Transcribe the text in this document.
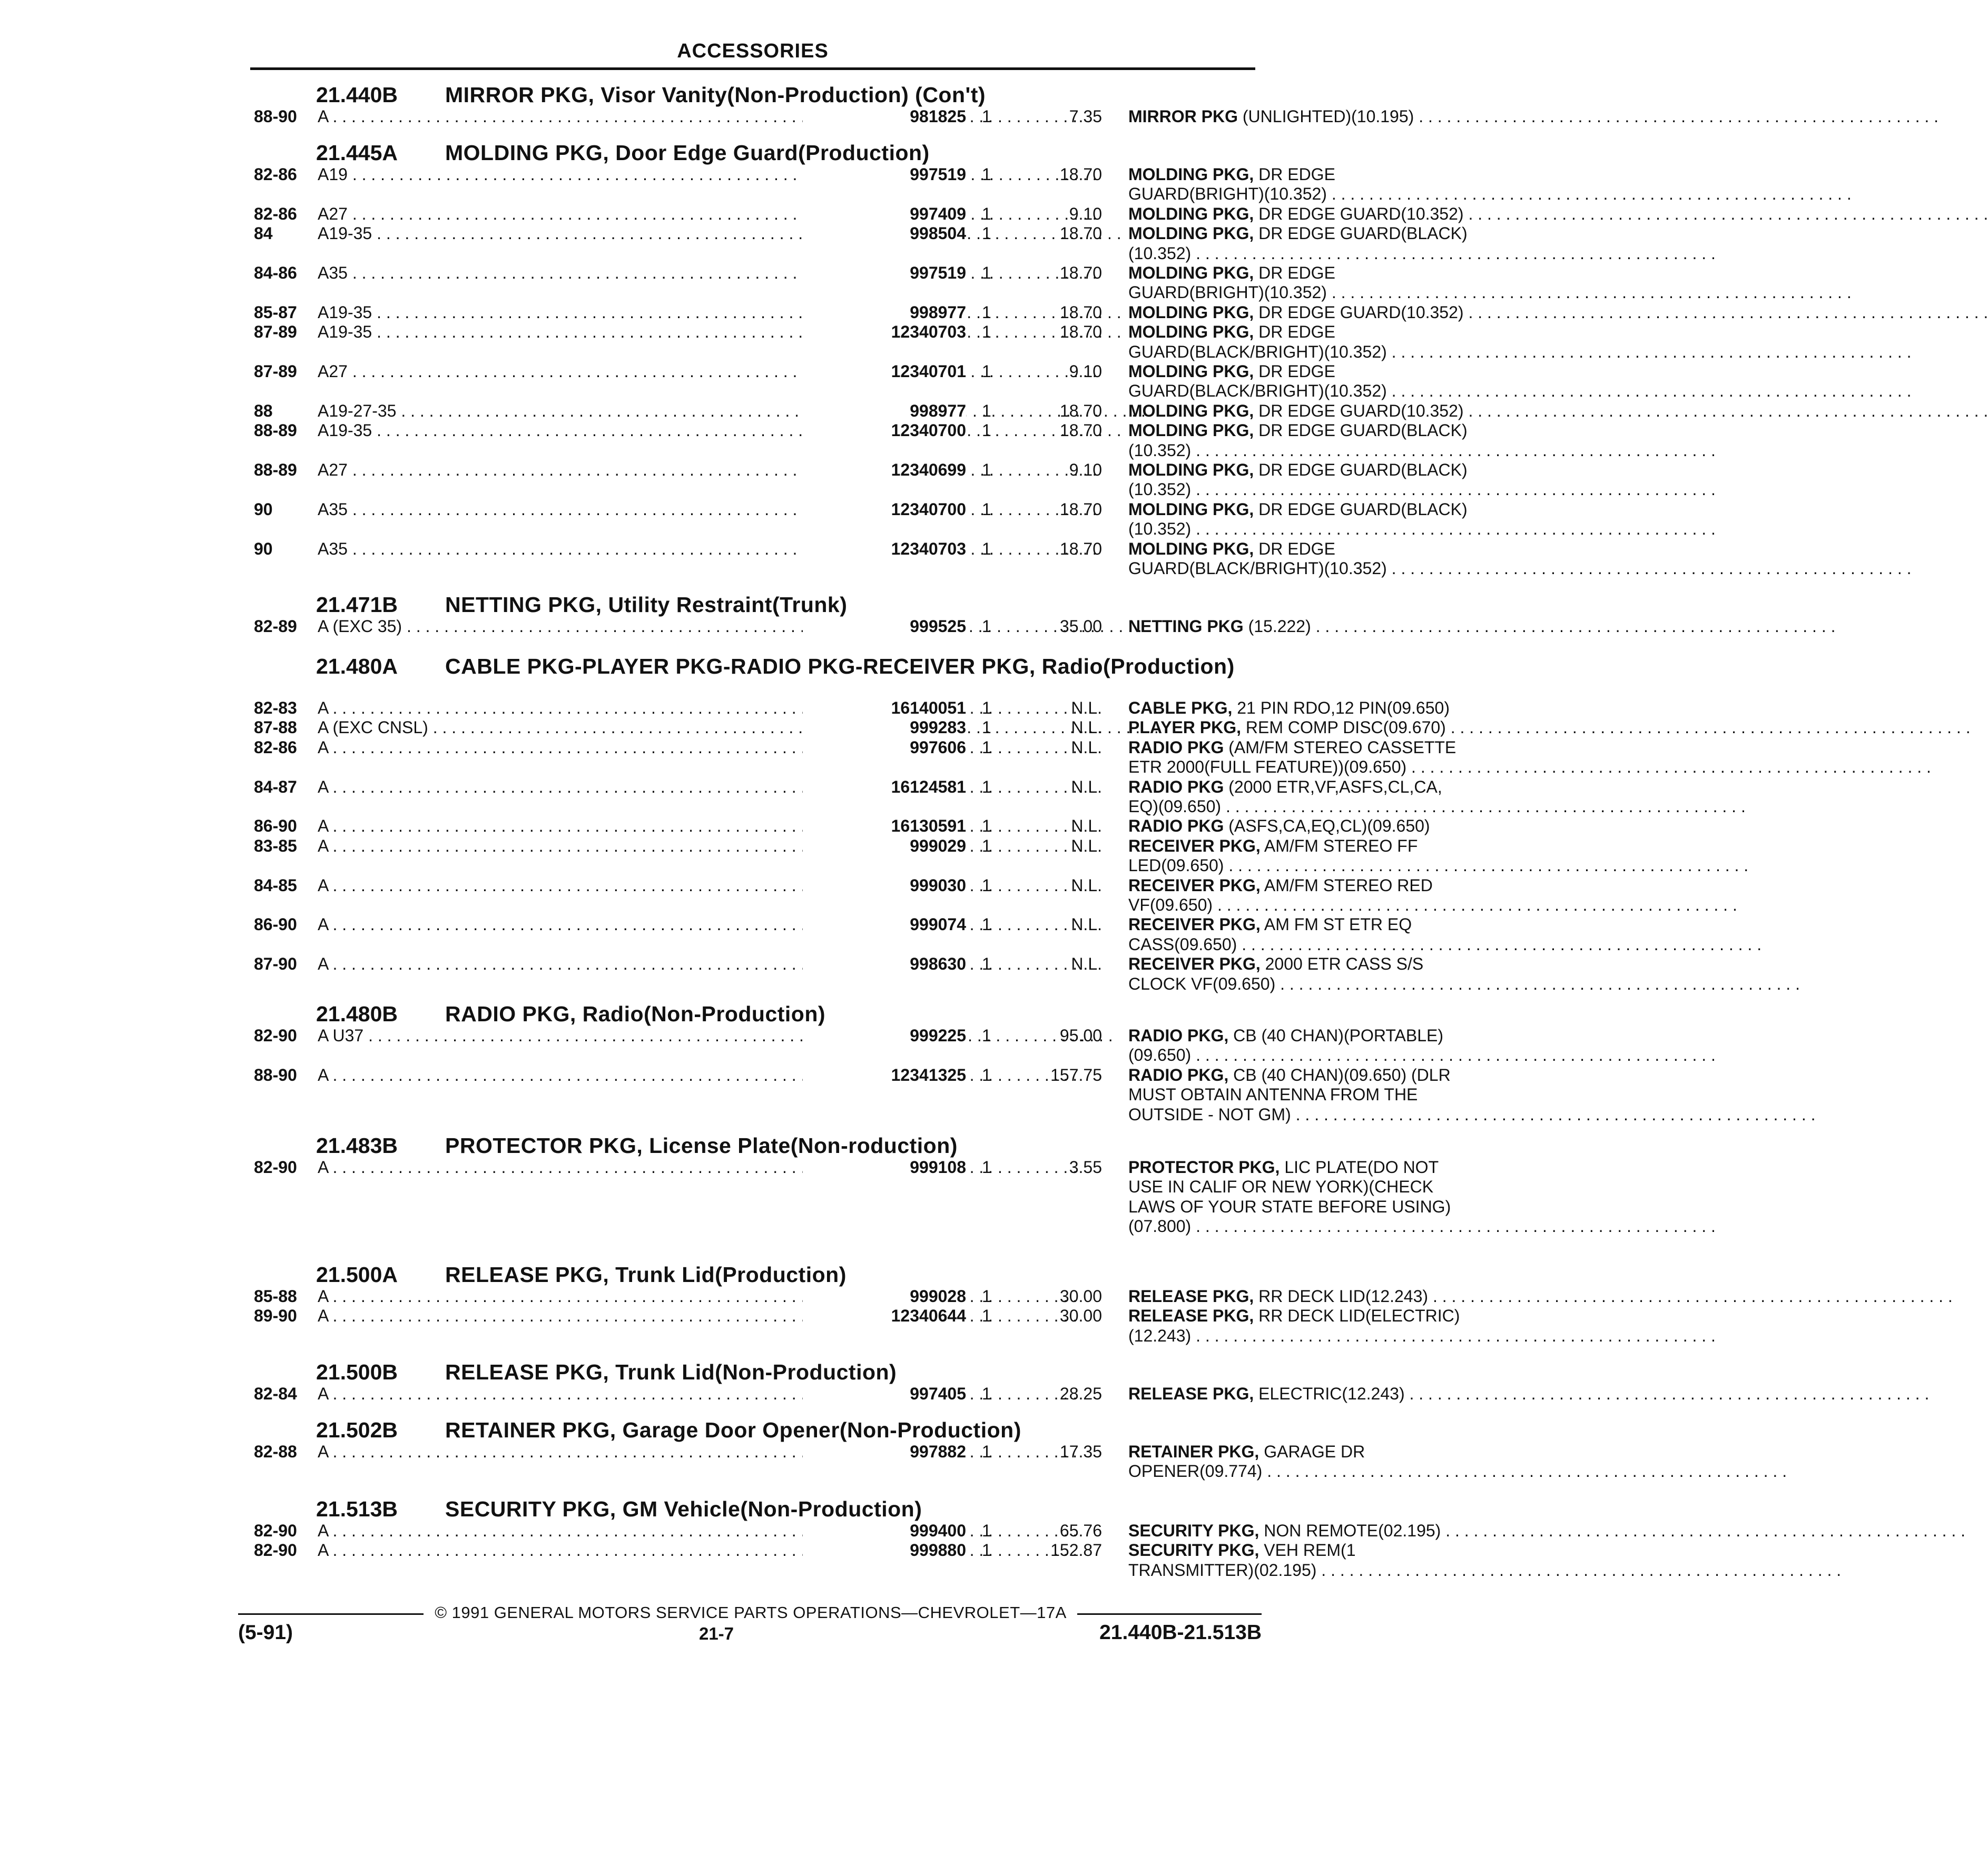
ACCESSORIES
21.440B MIRROR PKG, Visor Vanity(Non-Production) (Con't)
88-90 A . . .	981825 1	7.35 MIRROR PKG (UNLIGHTED)(10.195) . . .
21.445A MOLDING PKG, Door Edge Guard(Production)
82-86 A19 . . .	997519 1	18.70 MOLDING PKG, DR EDGE
GUARD(BRIGHT)(10.352) . . .
82-86 A27 . . .	997409 1	9.10 MOLDING PKG, DR EDGE GUARD(10.352) . . .
84	A19-35 . . .	998504 1	18.70 MOLDING PKG, DR EDGE GUARD(BLACK)
(10.352) . . .
84-86 A35 . . .	997519 1	18.70 MOLDING PKG, DR EDGE
GUARD(BRIGHT)(10.352) . . .
85-87 A19-35 . . .	998977 1	18.70 MOLDING PKG, DR EDGE GUARD(10.352) . . .
87-89 A19-35 . . .	12340703 1	18.70 MOLDING PKG, DR EDGE
GUARD(BLACK/BRIGHT)(10.352) . . .
87-89 A27 . . .	12340701 1	9.10 MOLDING PKG, DR EDGE
GUARD(BLACK/BRIGHT)(10.352) . . .
88	A19-27-35 . . .	998977 1	18.70 MOLDING PKG, DR EDGE GUARD(10.352) . . .
88-89 A19-35 . . .	12340700 1	18.70 MOLDING PKG, DR EDGE GUARD(BLACK)
(10.352) . . .
88-89 A27 . . .	12340699 1	9.10 MOLDING PKG, DR EDGE GUARD(BLACK)
(10.352) . . .
90	A35 . . .	12340700 1	18.70 MOLDING PKG, DR EDGE GUARD(BLACK)
(10.352) . . .
90	A35 . . .	12340703 1	18.70 MOLDING PKG, DR EDGE
GUARD(BLACK/BRIGHT)(10.352) . . .
21.471B NETTING PKG, Utility Restraint(Trunk)
82-89 A (EXC 35) . . .	999525 1	35.00 NETTING PKG (15.222) . . .
21.480A CABLE PKG-PLAYER PKG-RADIO PKG-RECEIVER PKG, Radio(Production)
82-83 A . . .	16140051 1	N.L. CABLE PKG, 21 PIN RDO,12 PIN(09.650)
87-88 A (EXC CNSL) . . .	999283 1	N.L. PLAYER PKG, REM COMP DISC(09.670) . . .
82-86 A . . .	997606 1	N.L. RADIO PKG (AM/FM STEREO CASSETTE
ETR 2000(FULL FEATURE))(09.650) . . .
84-87 A . . .	16124581 1	N.L. RADIO PKG (2000 ETR,VF,ASFS,CL,CA,
EQ)(09.650) . . .
86-90 A . . .	16130591 1	N.L. RADIO PKG (ASFS,CA,EQ,CL)(09.650)
83-85 A . . .	999029 1	N.L. RECEIVER PKG, AM/FM STEREO FF
LED(09.650) . . .
84-85 A . . .	999030 1	N.L. RECEIVER PKG, AM/FM STEREO RED
VF(09.650) . . .
86-90 A . . .	999074 1	N.L. RECEIVER PKG, AM FM ST ETR EQ
CASS(09.650) . . .
87-90 A . . .	998630 1	N.L. RECEIVER PKG, 2000 ETR CASS S/S
CLOCK VF(09.650) . . .
21.480B RADIO PKG, Radio(Non-Production)
82-90 A U37 . . .	999225 1	95.00 RADIO PKG, CB (40 CHAN)(PORTABLE)
(09.650) . . .
88-90 A . . .	12341325 1	157.75 RADIO PKG, CB (40 CHAN)(09.650) (DLR
MUST OBTAIN ANTENNA FROM THE
OUTSIDE - NOT GM) . . .
21.483B PROTECTOR PKG, License Plate(Non-roduction)
82-90 A . . .	999108 1	3.55 PROTECTOR PKG, LIC PLATE(DO NOT
USE IN CALIF OR NEW YORK)(CHECK
LAWS OF YOUR STATE BEFORE USING)
(07.800) . . .
21.500A RELEASE PKG, Trunk Lid(Production)
85-88 A . . .	999028 1	30.00 RELEASE PKG, RR DECK LID(12.243) . . .
89-90 A . . .	12340644 1	30.00 RELEASE PKG, RR DECK LID(ELECTRIC)
(12.243) . . .
21.500B RELEASE PKG, Trunk Lid(Non-Production)
82-84 A . . .	997405 1	28.25 RELEASE PKG, ELECTRIC(12.243) . . .
21.502B RETAINER PKG, Garage Door Opener(Non-Production)
82-88 A . . .	997882 1	17.35 RETAINER PKG, GARAGE DR
OPENER(09.774) . . .
21.513B SECURITY PKG, GM Vehicle(Non-Production)
82-90 A . . .	999400 1	65.76 SECURITY PKG, NON REMOTE(02.195) . . .
82-90 A . . .	999880 1	152.87 SECURITY PKG, VEH REM(1
TRANSMITTER)(02.195) . . .
© 1991 GENERAL MOTORS SERVICE PARTS OPERATIONS—CHEVROLET—17A
(5-91)	21-7	21.440B-21.513B
